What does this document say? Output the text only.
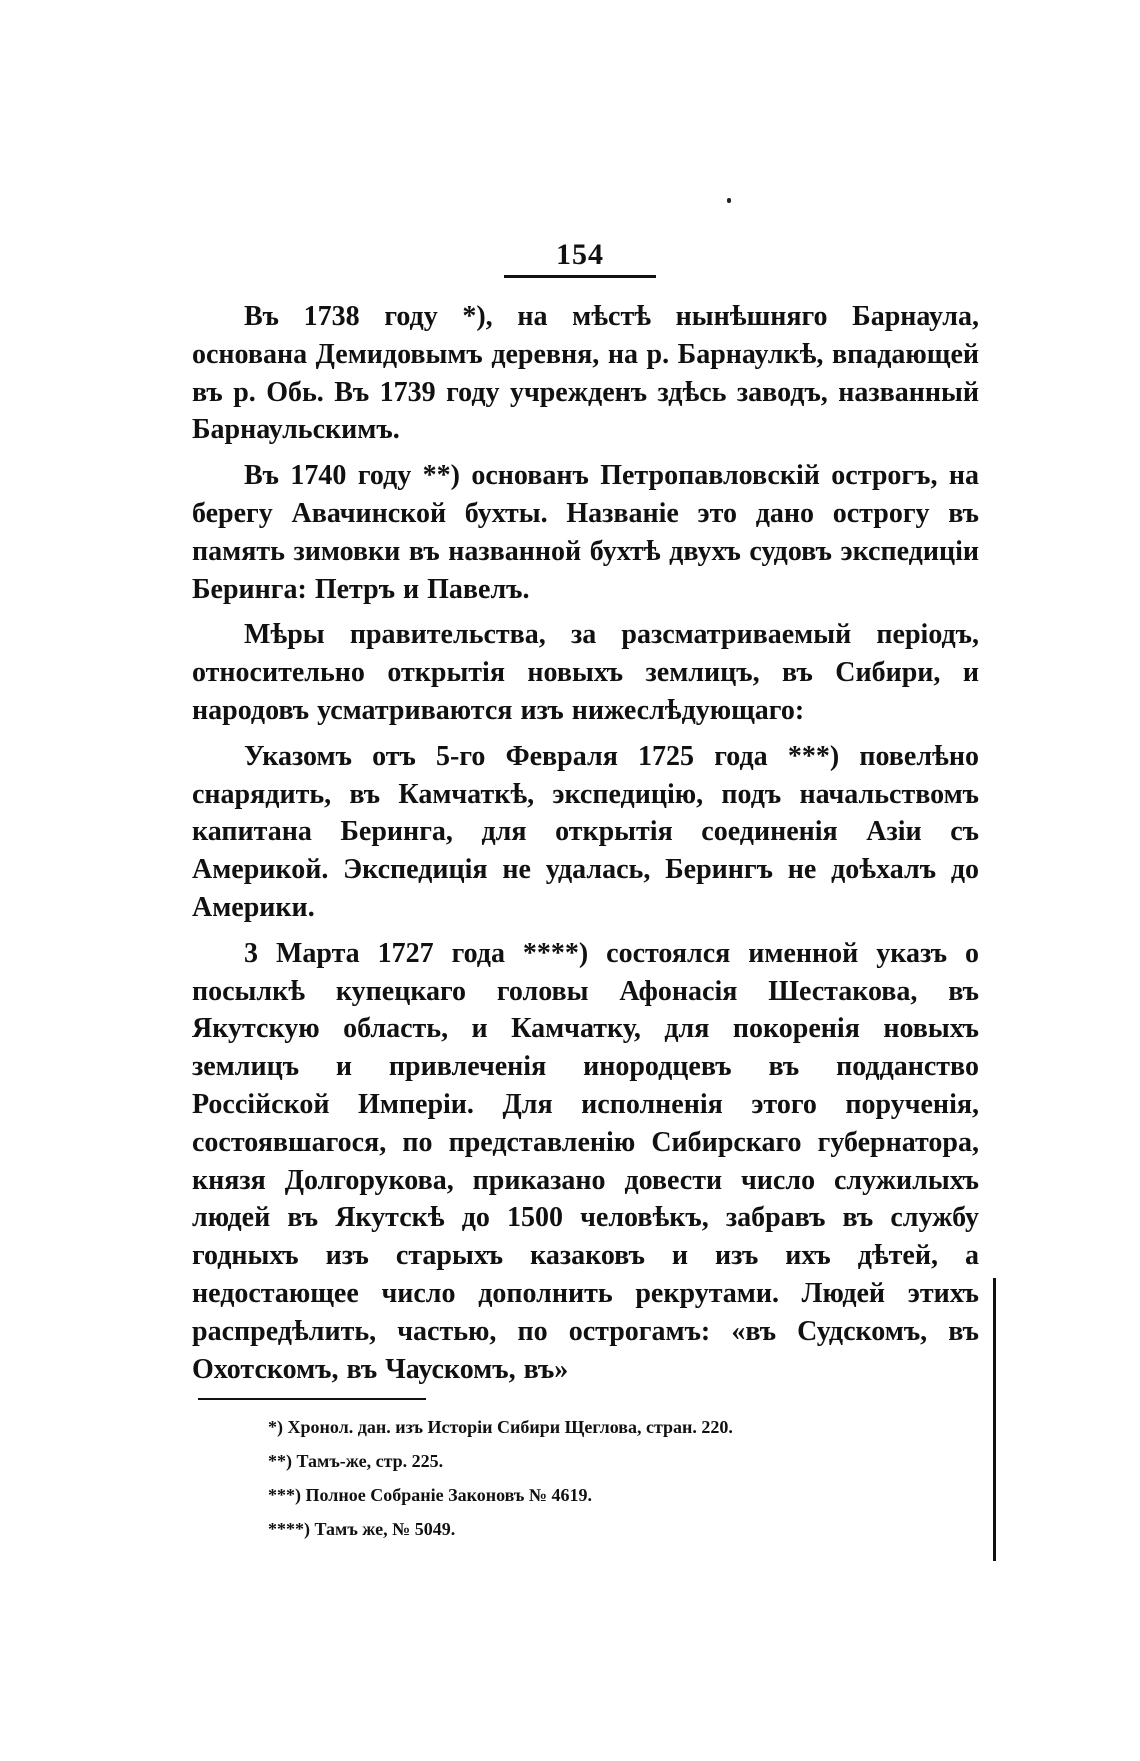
154

Въ 1738 году *), на мѣстѣ нынѣшняго Барнаула, основана Демидовымъ деревня, на р. Барнаулкѣ, впадающей въ р. Обь. Въ 1739 году учрежденъ здѣсь заводъ, названный Барнаульскимъ.

Въ 1740 году **) основанъ Петропавловскій острогъ, на берегу Авачинской бухты. Названіе это дано острогу въ память зимовки въ названной бухтѣ двухъ судовъ экспедиціи Беринга: Петръ и Павелъ.

Мѣры правительства, за разсматриваемый періодъ, относительно открытія новыхъ землицъ, въ Сибири, и народовъ усматриваются изъ нижеслѣдующаго:

Указомъ отъ 5-го Февраля 1725 года ***) повелѣно снарядить, въ Камчаткѣ, экспедицію, подъ начальствомъ капитана Беринга, для открытія соединенія Азіи съ Америкой. Экспедиція не удалась, Берингъ не доѣхалъ до Америки.

3 Марта 1727 года ****) состоялся именной указъ о посылкѣ купецкаго головы Афонасія Шестакова, въ Якутскую область, и Камчатку, для покоренія новыхъ землицъ и привлеченія инородцевъ въ подданство Россійской Имперіи. Для исполненія этого порученія, состоявшагося, по представленію Сибирскаго губернатора, князя Долгорукова, приказано довести число служилыхъ людей въ Якутскѣ до 1500 человѣкъ, забравъ въ службу годныхъ изъ старыхъ казаковъ и изъ ихъ дѣтей, а недостающее число дополнить рекрутами. Людей этихъ распредѣлить, частью, по острогамъ: «въ Судскомъ, въ Охотскомъ, въ Чаускомъ, въ»

*) Хронол. дан. изъ Исторіи Сибири Щеглова, стран. 220.

**) Тамъ-же, стр. 225.

***) Полное Собраніе Законовъ № 4619.

****) Тамъ же, № 5049.
